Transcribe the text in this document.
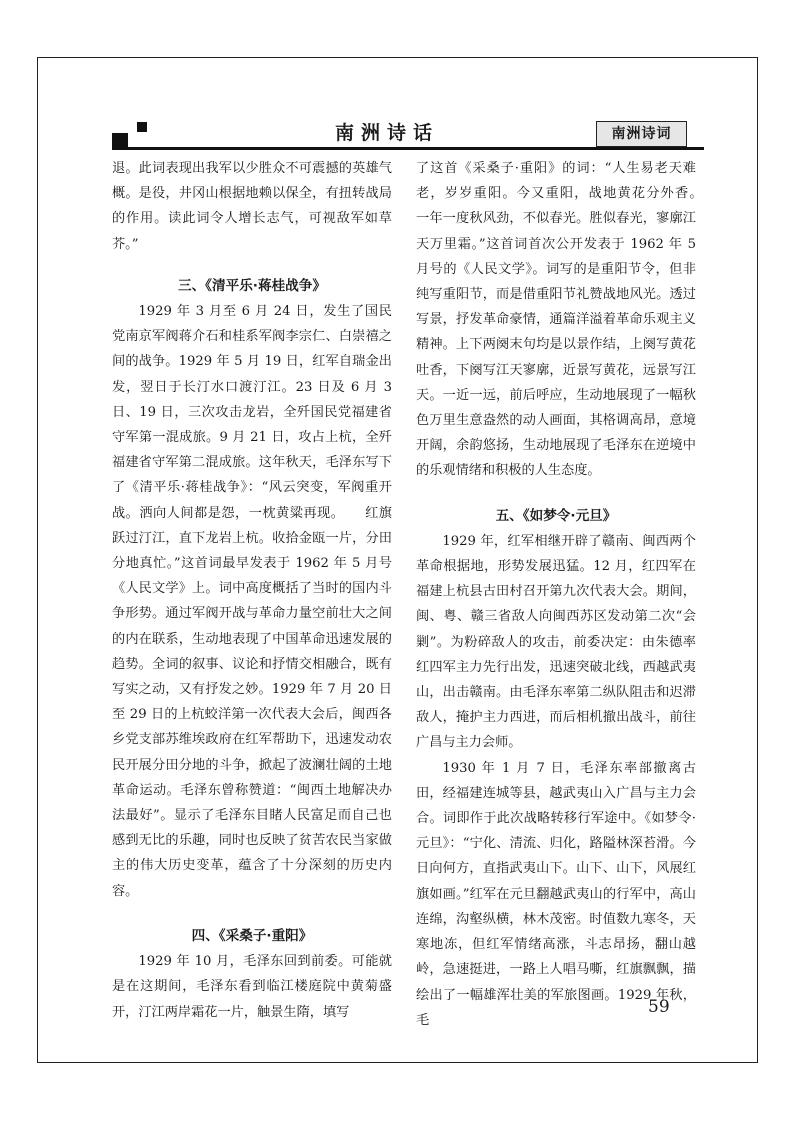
南洲诗话	南洲诗词

退。此词表现出我军以少胜众不可震撼的英雄气概。是役，井冈山根据地赖以保全，有扭转战局的作用。读此词令人增长志气，可视敌军如草芥。”

三、《清平乐·蒋桂战争》

1929 年 3 月至 6 月 24 日，发生了国民党南京军阀蒋介石和桂系军阀李宗仁、白崇禧之间的战争。1929 年 5 月 19 日，红军自瑞金出发，翌日于长汀水口渡汀江。23 日及 6 月 3 日、19 日，三次攻击龙岩，全歼国民党福建省守军第一混成旅。9 月 21 日，攻占上杭，全歼福建省守军第二混成旅。这年秋天，毛泽东写下了《清平乐·蒋桂战争》：“风云突变，军阀重开战。洒向人间都是怨，一枕黄粱再现。　　红旗跃过汀江，直下龙岩上杭。收拾金瓯一片，分田分地真忙。”这首词最早发表于 1962 年 5 月号《人民文学》上。词中高度概括了当时的国内斗争形势。通过军阀开战与革命力量空前壮大之间的内在联系，生动地表现了中国革命迅速发展的趋势。全词的叙事、议论和抒情交相融合，既有写实之动，又有抒发之妙。1929 年 7 月 20 日至 29 日的上杭蛟洋第一次代表大会后，闽西各乡党支部苏维埃政府在红军帮助下，迅速发动农民开展分田分地的斗争，掀起了波澜壮阔的土地革命运动。毛泽东曾称赞道：“闽西土地解决办法最好”。显示了毛泽东目睹人民富足而自己也感到无比的乐趣，同时也反映了贫苦农民当家做主的伟大历史变革，蕴含了十分深刻的历史内容。

四、《采桑子·重阳》

1929 年 10 月，毛泽东回到前委。可能就是在这期间，毛泽东看到临江楼庭院中黄菊盛开，汀江两岸霜花一片，触景生隋，填写

了这首《采桑子·重阳》的词：“人生易老天难老，岁岁重阳。今又重阳，战地黄花分外香。　　一年一度秋风劲，不似春光。胜似春光，寥廓江天万里霜。”这首词首次公开发表于 1962 年 5 月号的《人民文学》。词写的是重阳节令，但非纯写重阳节，而是借重阳节礼赞战地风光。透过写景，抒发革命豪情，通篇洋溢着革命乐观主义精神。上下两阕末句均是以景作结，上阕写黄花吐香，下阕写江天寥廓，近景写黄花，远景写江天。一近一远，前后呼应，生动地展现了一幅秋色万里生意盎然的动人画面，其格调高昂，意境开阔，余韵悠扬，生动地展现了毛泽东在逆境中的乐观情绪和积极的人生态度。

五、《如梦令·元旦》

1929 年，红军相继开辟了赣南、闽西两个革命根据地，形势发展迅猛。12 月，红四军在福建上杭县古田村召开第九次代表大会。期间，闽、粤、赣三省敌人向闽西苏区发动第二次“会剿”。为粉碎敌人的攻击，前委决定：由朱德率红四军主力先行出发，迅速突破北线，西越武夷山，出击赣南。由毛泽东率第二纵队阻击和迟滞敌人，掩护主力西进，而后相机撤出战斗，前往广昌与主力会师。

1930 年 1 月 7 日，毛泽东率部撤离古田，经福建连城等县，越武夷山入广昌与主力会合。词即作于此次战略转移行军途中。《如梦令·元旦》：“宁化、清流、归化，路隘林深苔滑。今日向何方，直指武夷山下。山下、山下，风展红旗如画。”红军在元旦翻越武夷山的行军中，高山连绵，沟壑纵横，林木茂密。时值数九寒冬，天寒地冻，但红军情绪高涨，斗志昂扬，翻山越岭，急速挺进，一路上人唱马嘶，红旗飘飘，描绘出了一幅雄浑壮美的军旅图画。1929 年秋，毛

59
